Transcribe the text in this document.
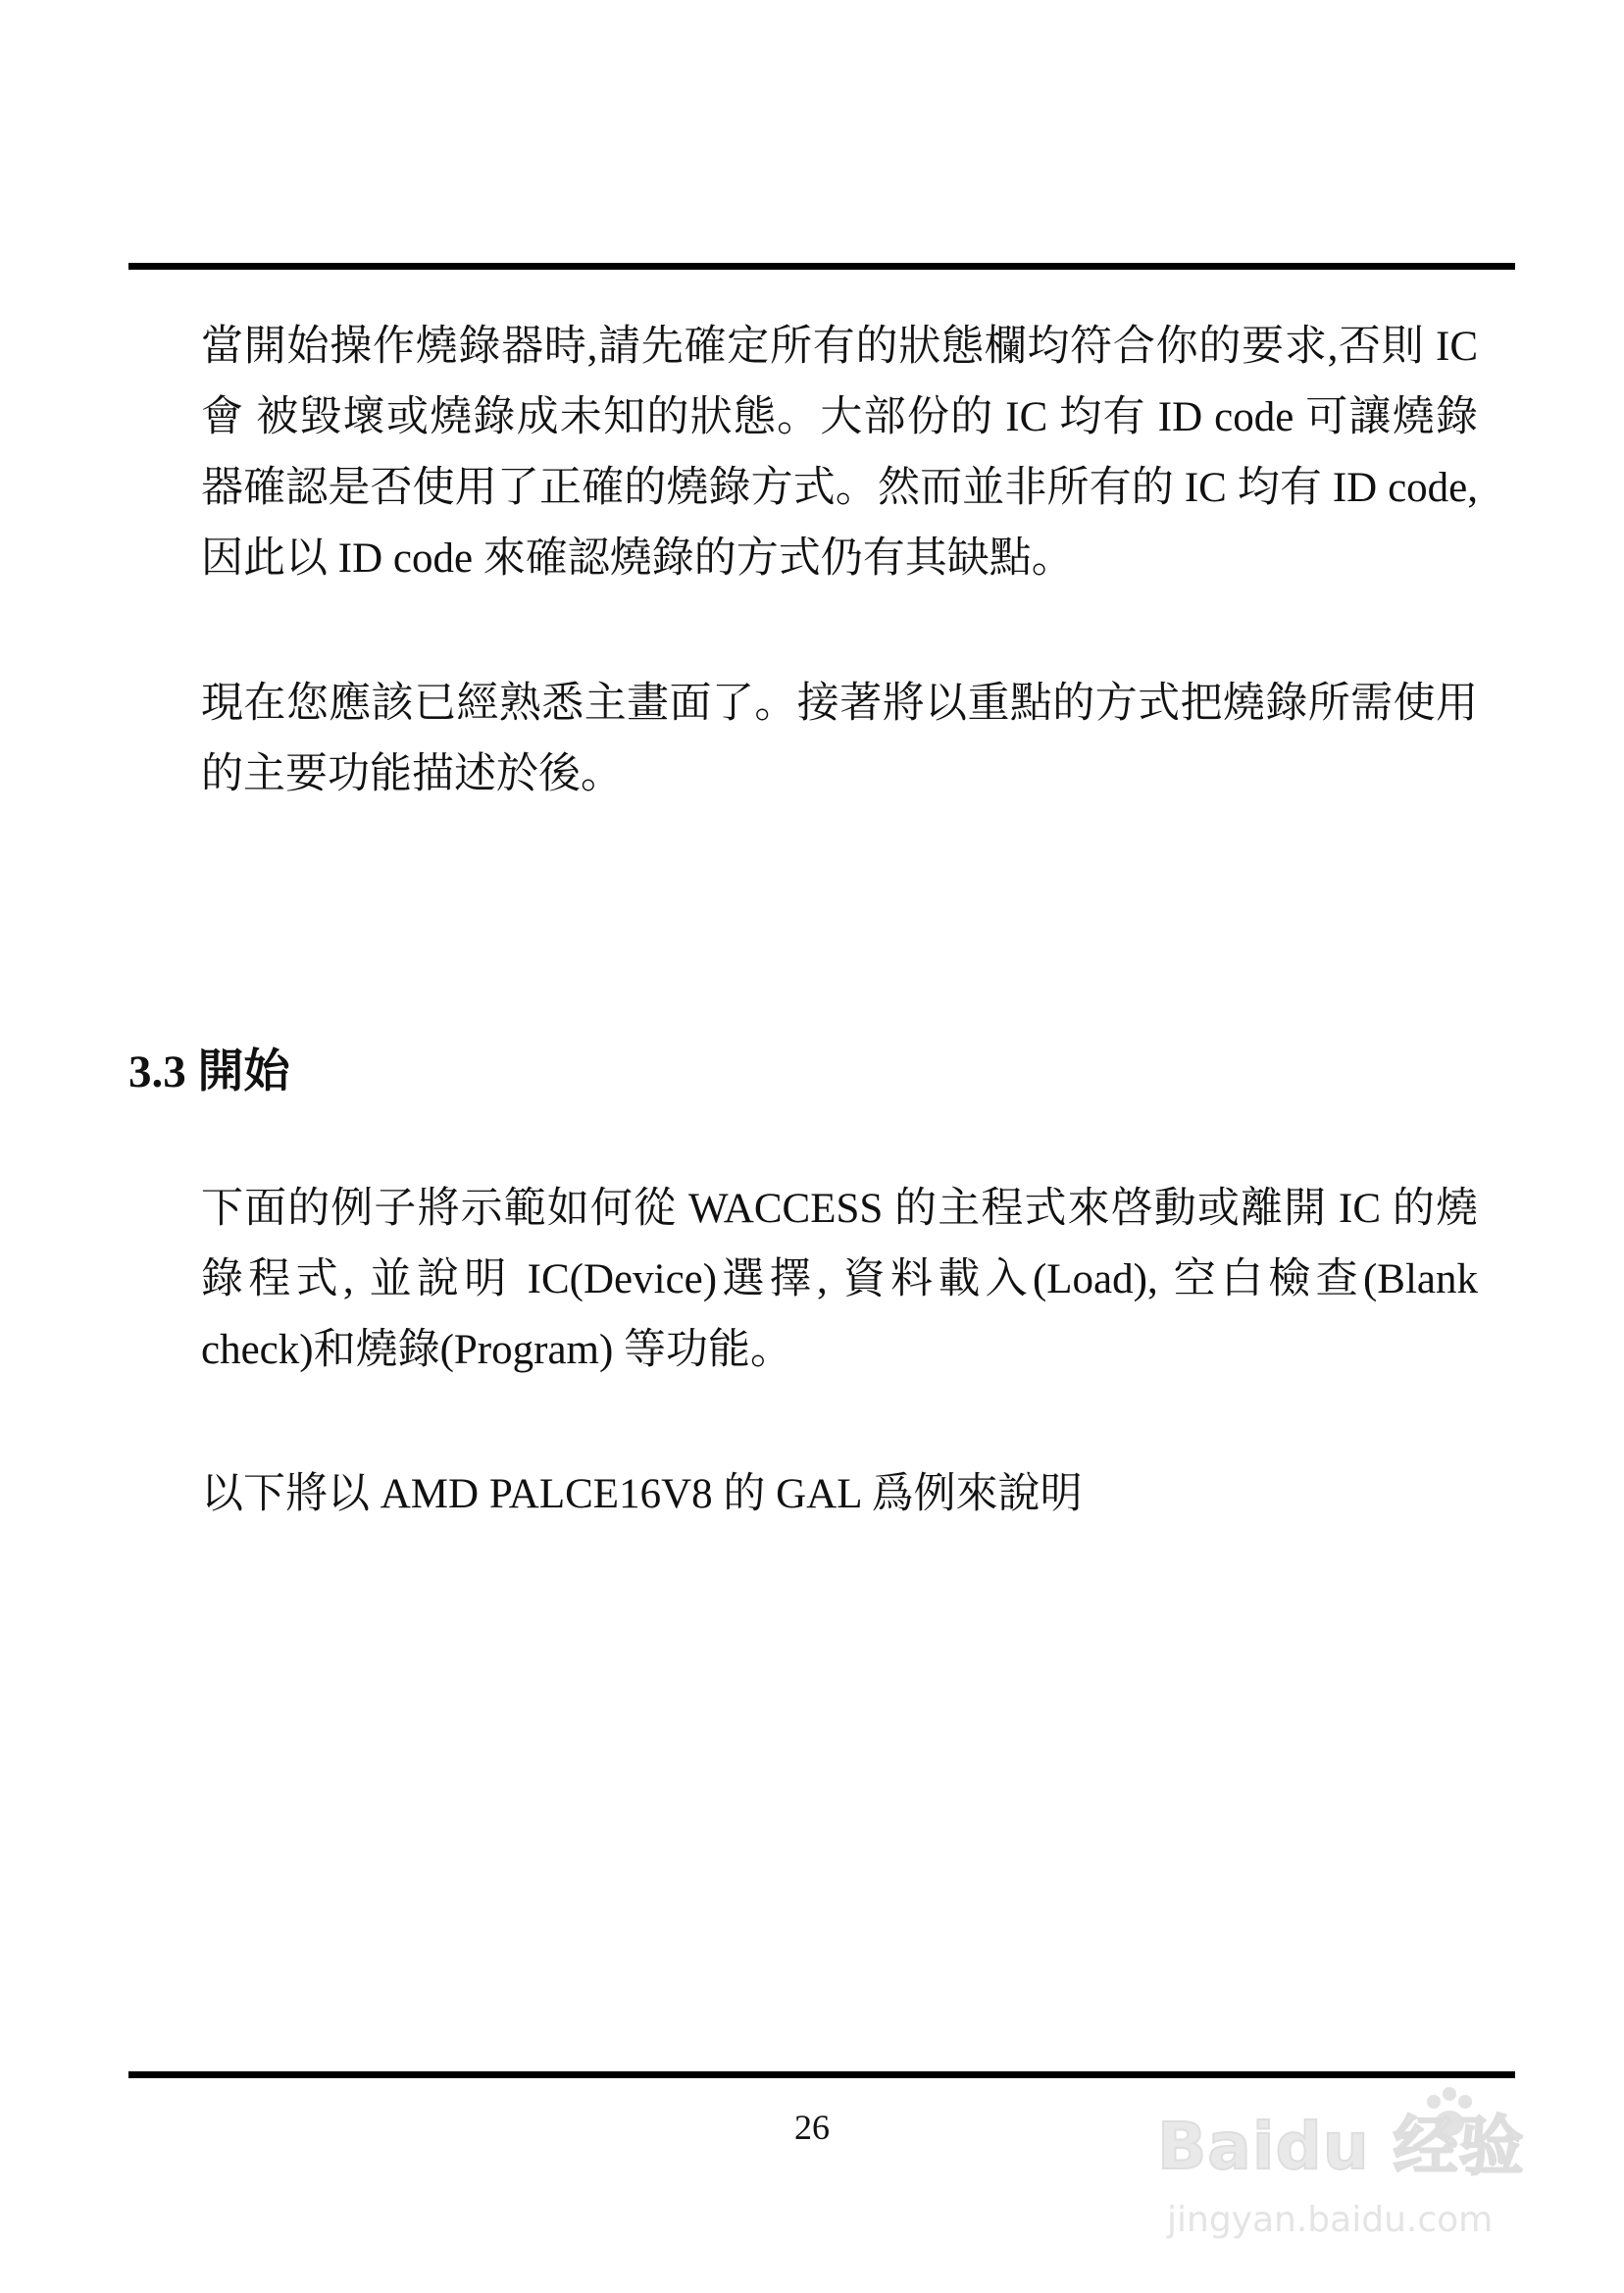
當開始操作燒錄器時,請先確定所有的狀態欄均符合你的要求,否則 IC 會 被毀壞或燒錄成未知的狀態。大部份的 IC 均有 ID code 可讓燒錄器確認是否使用了正確的燒錄方式。然而並非所有的 IC 均有 ID code, 因此以 ID code 來確認燒錄的方式仍有其缺點。

現在您應該已經熟悉主畫面了。接著將以重點的方式把燒錄所需使用的主要功能描述於後。

3.3 開始

下面的例子將示範如何從 WACCESS 的主程式來啓動或離開 IC 的燒錄程式, 並說明 IC(Device)選擇, 資料載入(Load), 空白檢查(Blank check)和燒錄(Program) 等功能。

以下將以 AMD PALCE16V8 的 GAL 爲例來說明

26	Baidu 经验
jingyan.baidu.com
